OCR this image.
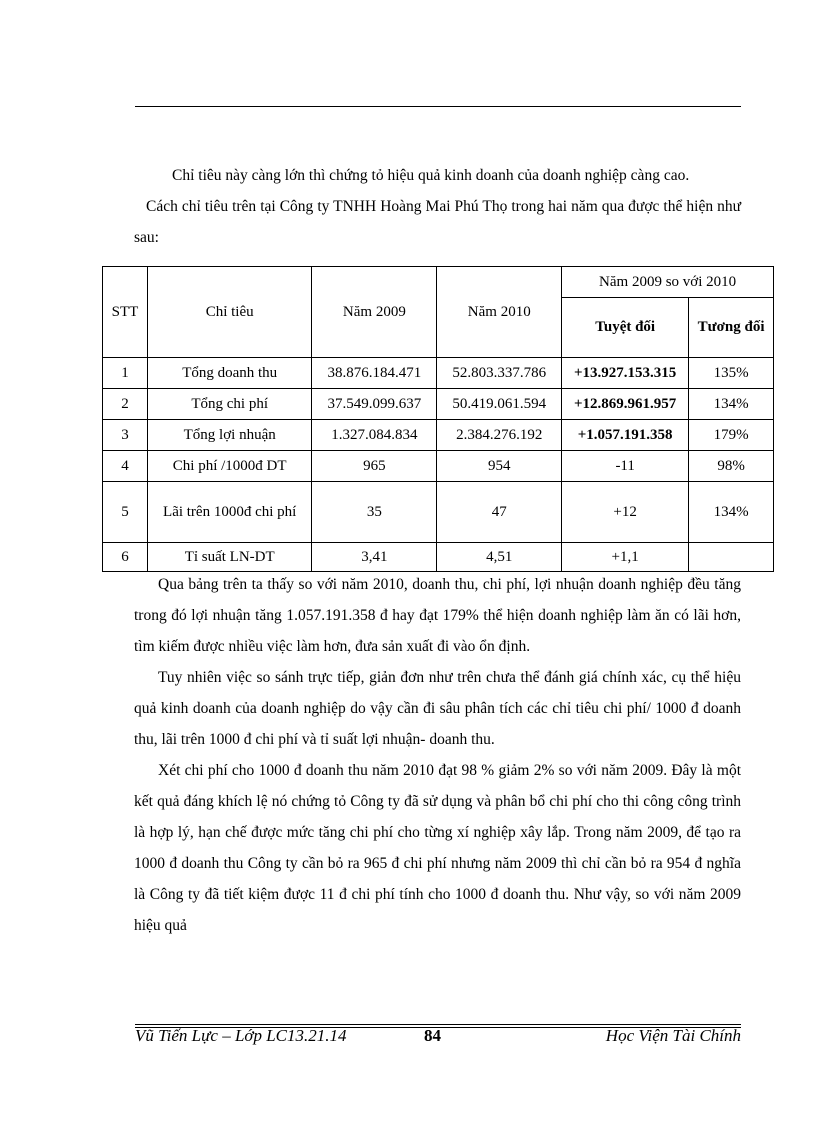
Chỉ tiêu này càng lớn thì chứng tỏ hiệu quả kinh doanh của doanh nghiệp càng cao.

Cách chỉ tiêu trên tại Công ty TNHH Hoàng Mai Phú Thọ trong hai năm qua được thể hiện như sau:

STT	Chỉ tiêu	Năm 2009	Năm 2010	Năm 2009 so với 2010	
				Tuyệt đối	Tương đối
1	Tổng doanh thu	38.876.184.471	52.803.337.786	+13.927.153.315	135%
2	Tổng chi phí	37.549.099.637	50.419.061.594	+12.869.961.957	134%
3	Tổng lợi nhuận	1.327.084.834	2.384.276.192	+1.057.191.358	179%
4	Chi phí /1000đ DT	965	954	-11	98%
5	Lãi trên 1000đ chi phí	35	47	+12	134%
6	Tỉ suất LN-DT	3,41	4,51	+1,1	

Qua bảng trên ta thấy so với năm 2010, doanh thu, chi phí, lợi nhuận doanh nghiệp đều tăng trong đó lợi nhuận tăng 1.057.191.358 đ hay đạt 179% thể hiện doanh nghiệp làm ăn có lãi hơn, tìm kiếm được nhiều việc làm hơn, đưa sản xuất đi vào ổn định.

Tuy nhiên việc so sánh trực tiếp, giản đơn như trên chưa thể đánh giá chính xác, cụ thể hiệu quả kinh doanh của doanh nghiệp do vậy cần đi sâu phân tích các chỉ tiêu chi phí/ 1000 đ doanh thu, lãi trên 1000 đ chi phí và tỉ suất lợi nhuận- doanh thu.

Xét chi phí cho 1000 đ doanh thu năm 2010 đạt 98 % giảm 2% so với năm 2009. Đây là một kết quả đáng khích lệ nó chứng tỏ Công ty đã sử dụng và phân bổ chi phí cho thi công công trình là hợp lý, hạn chế được mức tăng chi phí cho từng xí nghiệp xây lắp. Trong năm 2009, để tạo ra 1000 đ doanh thu Công ty cần bỏ ra 965 đ chi phí nhưng năm 2009 thì chỉ cần bỏ ra 954 đ nghĩa là Công ty đã tiết kiệm được 11 đ chi phí tính cho 1000 đ doanh thu. Như vậy, so với năm 2009 hiệu quả

Vũ Tiến Lực – Lớp LC13.21.14	84	Học Viện Tài Chính
